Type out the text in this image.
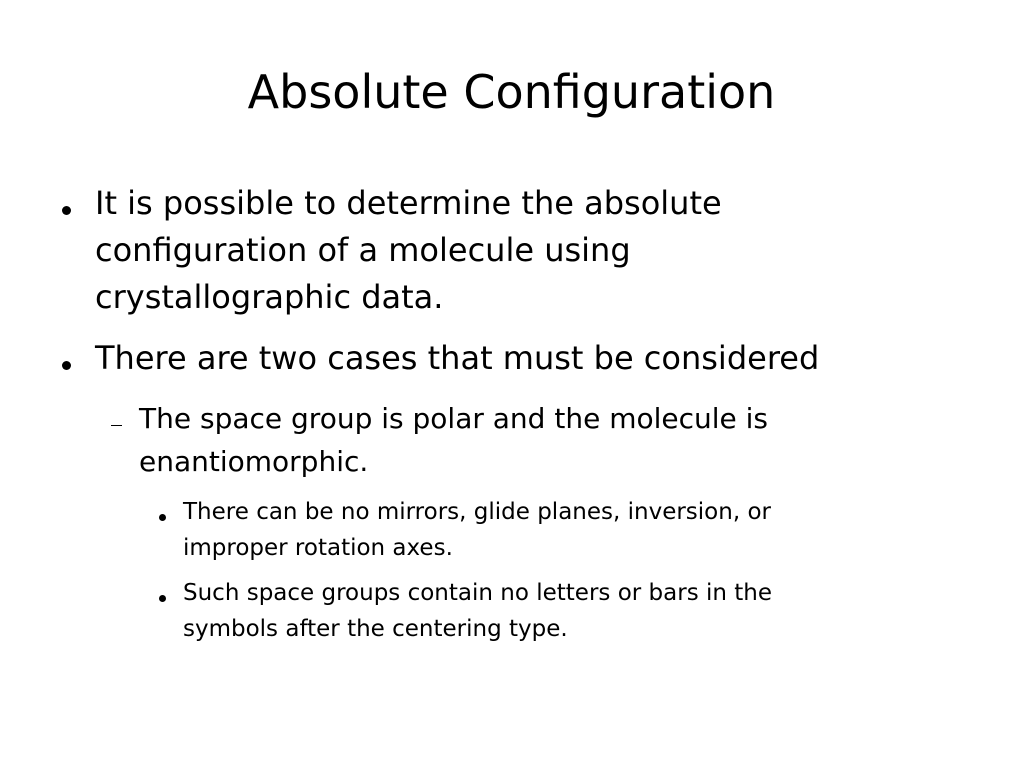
Absolute Configuration
It is possible to determine the absolute
configuration of a molecule using
crystallographic data.
There are two cases that must be considered
The space group is polar and the molecule is
enantiomorphic.
There can be no mirrors, glide planes, inversion, or
improper rotation axes.
Such space groups contain no letters or bars in the
symbols after the centering type.
